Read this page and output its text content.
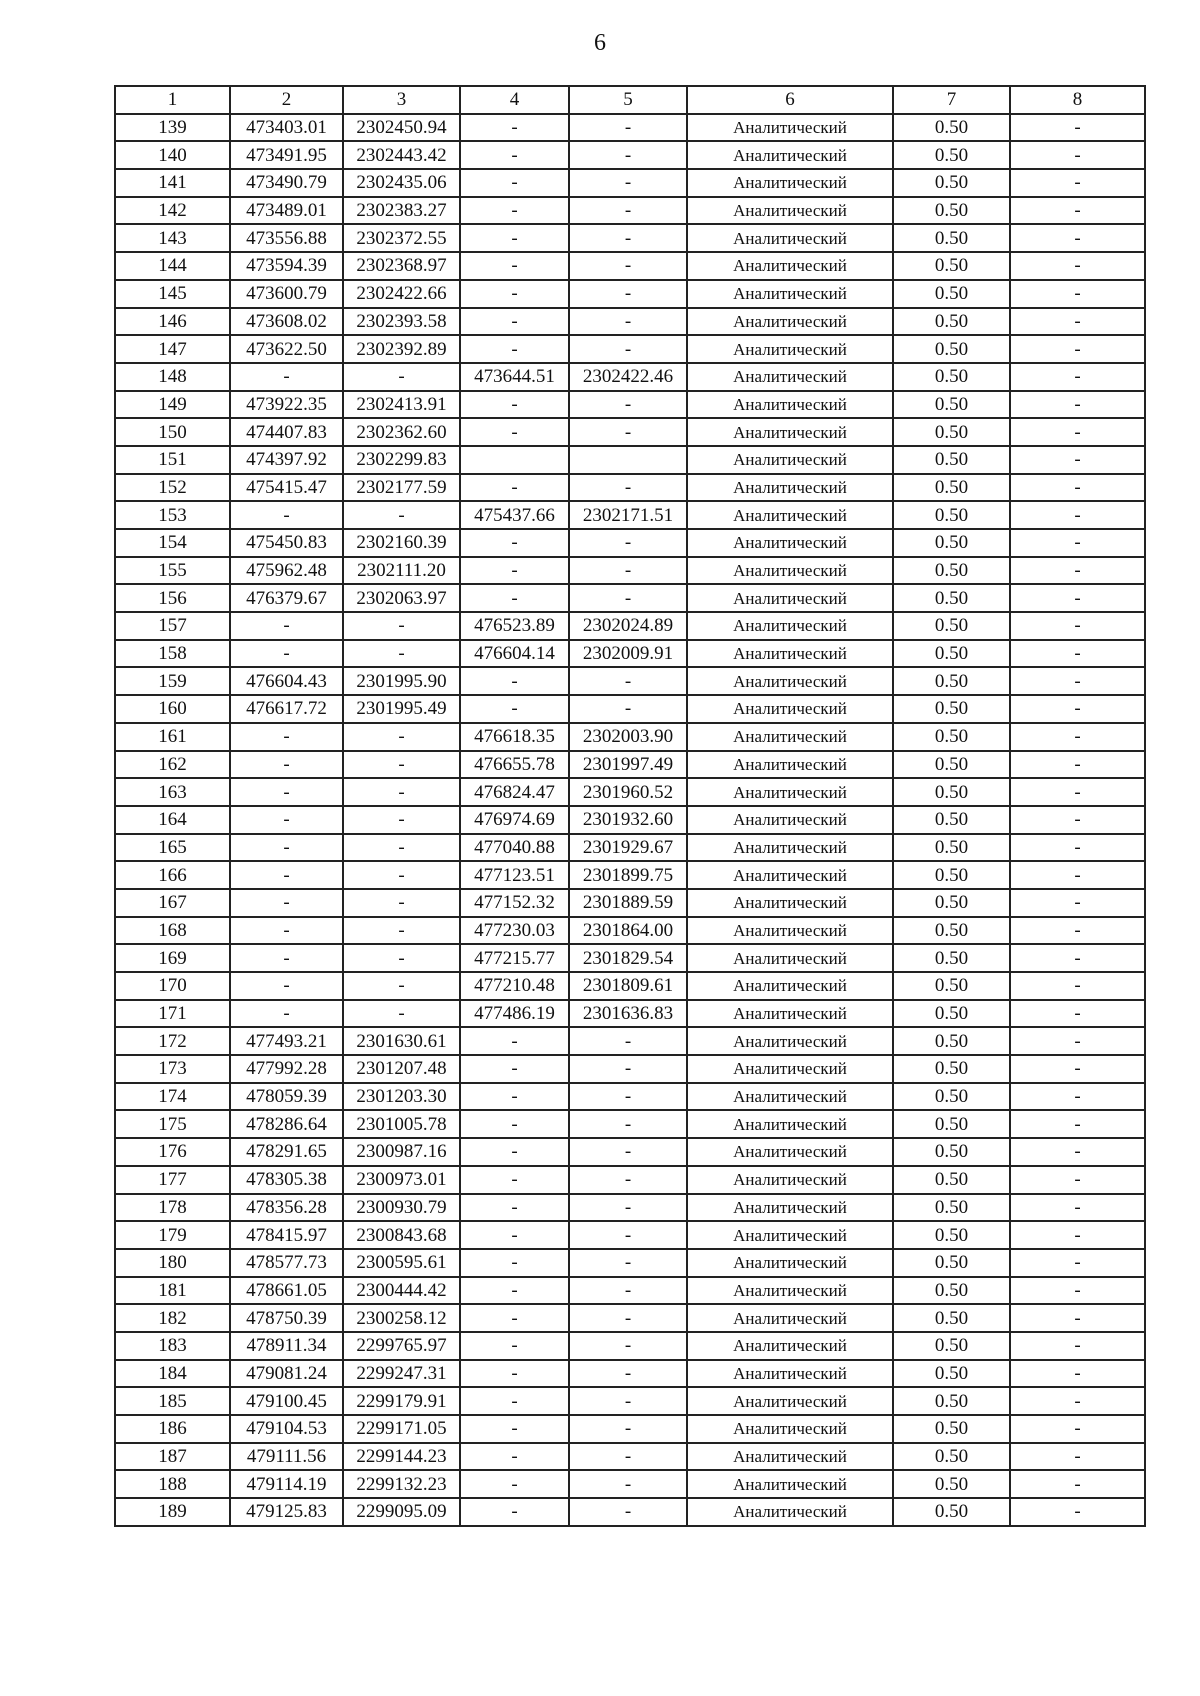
6
1	2	3	4	5	6	7	8
139	473403.01	2302450.94	-	-	Аналитический	0.50	-
140	473491.95	2302443.42	-	-	Аналитический	0.50	-
141	473490.79	2302435.06	-	-	Аналитический	0.50	-
142	473489.01	2302383.27	-	-	Аналитический	0.50	-
143	473556.88	2302372.55	-	-	Аналитический	0.50	-
144	473594.39	2302368.97	-	-	Аналитический	0.50	-
145	473600.79	2302422.66	-	-	Аналитический	0.50	-
146	473608.02	2302393.58	-	-	Аналитический	0.50	-
147	473622.50	2302392.89	-	-	Аналитический	0.50	-
148	-	-	473644.51	2302422.46	Аналитический	0.50	-
149	473922.35	2302413.91	-	-	Аналитический	0.50	-
150	474407.83	2302362.60	-	-	Аналитический	0.50	-
151	474397.92	2302299.83			Аналитический	0.50	-
152	475415.47	2302177.59	-	-	Аналитический	0.50	-
153	-	-	475437.66	2302171.51	Аналитический	0.50	-
154	475450.83	2302160.39	-	-	Аналитический	0.50	-
155	475962.48	2302111.20	-	-	Аналитический	0.50	-
156	476379.67	2302063.97	-	-	Аналитический	0.50	-
157	-	-	476523.89	2302024.89	Аналитический	0.50	-
158	-	-	476604.14	2302009.91	Аналитический	0.50	-
159	476604.43	2301995.90	-	-	Аналитический	0.50	-
160	476617.72	2301995.49	-	-	Аналитический	0.50	-
161	-	-	476618.35	2302003.90	Аналитический	0.50	-
162	-	-	476655.78	2301997.49	Аналитический	0.50	-
163	-	-	476824.47	2301960.52	Аналитический	0.50	-
164	-	-	476974.69	2301932.60	Аналитический	0.50	-
165	-	-	477040.88	2301929.67	Аналитический	0.50	-
166	-	-	477123.51	2301899.75	Аналитический	0.50	-
167	-	-	477152.32	2301889.59	Аналитический	0.50	-
168	-	-	477230.03	2301864.00	Аналитический	0.50	-
169	-	-	477215.77	2301829.54	Аналитический	0.50	-
170	-	-	477210.48	2301809.61	Аналитический	0.50	-
171	-	-	477486.19	2301636.83	Аналитический	0.50	-
172	477493.21	2301630.61	-	-	Аналитический	0.50	-
173	477992.28	2301207.48	-	-	Аналитический	0.50	-
174	478059.39	2301203.30	-	-	Аналитический	0.50	-
175	478286.64	2301005.78	-	-	Аналитический	0.50	-
176	478291.65	2300987.16	-	-	Аналитический	0.50	-
177	478305.38	2300973.01	-	-	Аналитический	0.50	-
178	478356.28	2300930.79	-	-	Аналитический	0.50	-
179	478415.97	2300843.68	-	-	Аналитический	0.50	-
180	478577.73	2300595.61	-	-	Аналитический	0.50	-
181	478661.05	2300444.42	-	-	Аналитический	0.50	-
182	478750.39	2300258.12	-	-	Аналитический	0.50	-
183	478911.34	2299765.97	-	-	Аналитический	0.50	-
184	479081.24	2299247.31	-	-	Аналитический	0.50	-
185	479100.45	2299179.91	-	-	Аналитический	0.50	-
186	479104.53	2299171.05	-	-	Аналитический	0.50	-
187	479111.56	2299144.23	-	-	Аналитический	0.50	-
188	479114.19	2299132.23	-	-	Аналитический	0.50	-
189	479125.83	2299095.09	-	-	Аналитический	0.50	-
